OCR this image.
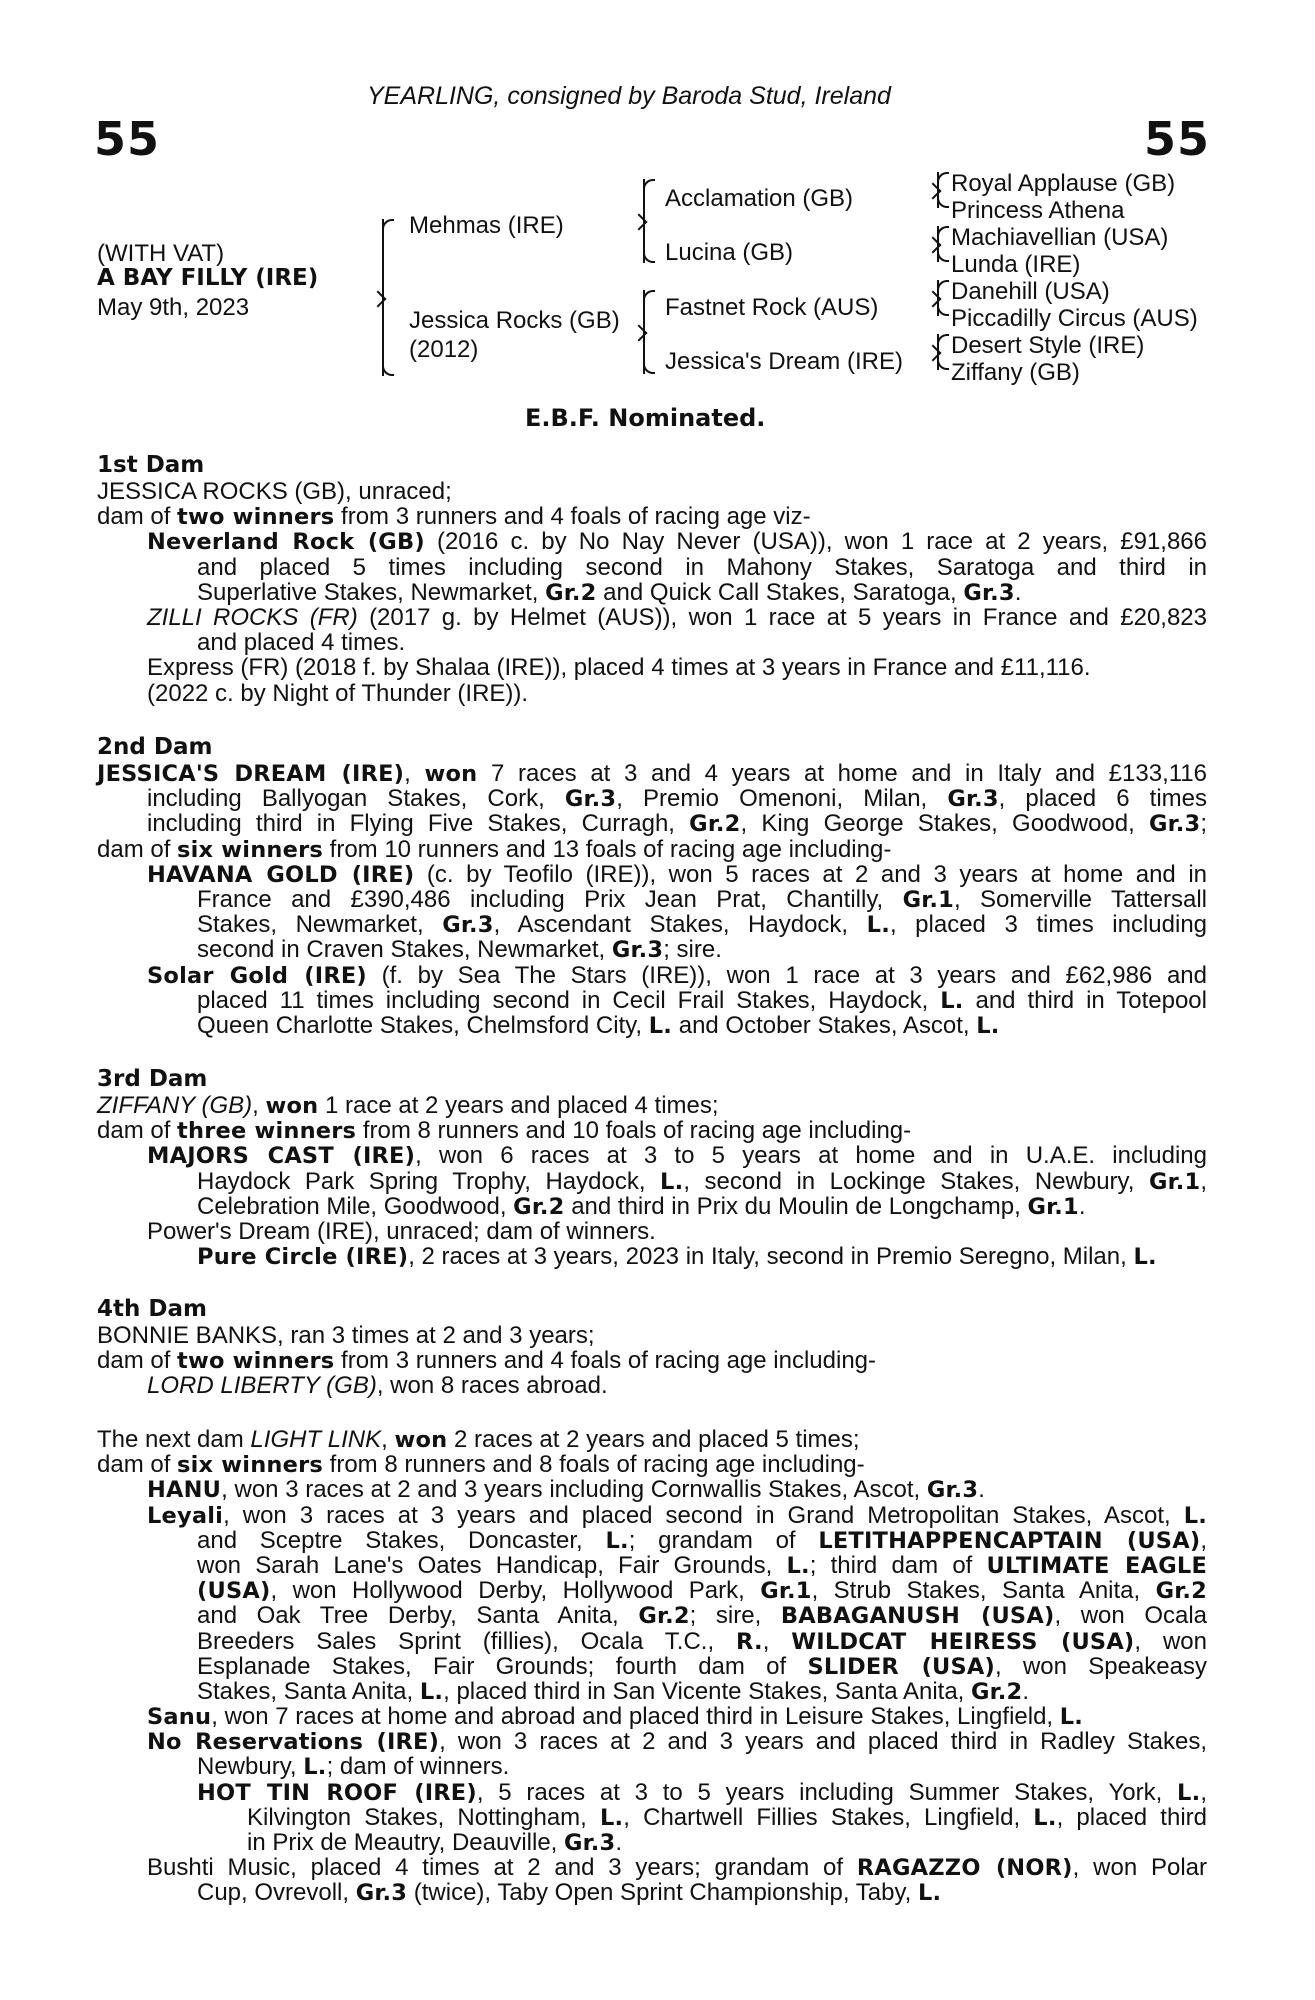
YEARLING, consigned by Baroda Stud, Ireland
55	55
(WITH VAT)
A BAY FILLY (IRE)
May 9th, 2023
Mehmas (IRE)
Jessica Rocks (GB)
(2012)
Acclamation (GB)
Lucina (GB)
Fastnet Rock (AUS)
Jessica's Dream (IRE)
Royal Applause (GB)
Princess Athena
Machiavellian (USA)
Lunda (IRE)
Danehill (USA)
Piccadilly Circus (AUS)
Desert Style (IRE)
Ziffany (GB)
E.B.F. Nominated.
1st Dam
2nd Dam
3rd Dam
4th Dam
JESSICA ROCKS (GB), unraced;
dam of two winners from 3 runners and 4 foals of racing age viz-
Neverland Rock (GB) (2016 c. by No Nay Never (USA)), won 1 race at 2 years, £91,866
and placed 5 times including second in Mahony Stakes, Saratoga and third in
Superlative Stakes, Newmarket, Gr.2 and Quick Call Stakes, Saratoga, Gr.3.
ZILLI ROCKS (FR) (2017 g. by Helmet (AUS)), won 1 race at 5 years in France and £20,823
and placed 4 times.
Express (FR) (2018 f. by Shalaa (IRE)), placed 4 times at 3 years in France and £11,116.
(2022 c. by Night of Thunder (IRE)).
JESSICA'S DREAM (IRE), won 7 races at 3 and 4 years at home and in Italy and £133,116
including Ballyogan Stakes, Cork, Gr.3, Premio Omenoni, Milan, Gr.3, placed 6 times
including third in Flying Five Stakes, Curragh, Gr.2, King George Stakes, Goodwood, Gr.3;
dam of six winners from 10 runners and 13 foals of racing age including-
HAVANA GOLD (IRE) (c. by Teofilo (IRE)), won 5 races at 2 and 3 years at home and in
France and £390,486 including Prix Jean Prat, Chantilly, Gr.1, Somerville Tattersall
Stakes, Newmarket, Gr.3, Ascendant Stakes, Haydock, L., placed 3 times including
second in Craven Stakes, Newmarket, Gr.3; sire.
Solar Gold (IRE) (f. by Sea The Stars (IRE)), won 1 race at 3 years and £62,986 and
placed 11 times including second in Cecil Frail Stakes, Haydock, L. and third in Totepool
Queen Charlotte Stakes, Chelmsford City, L. and October Stakes, Ascot, L.
ZIFFANY (GB), won 1 race at 2 years and placed 4 times;
dam of three winners from 8 runners and 10 foals of racing age including-
MAJORS CAST (IRE), won 6 races at 3 to 5 years at home and in U.A.E. including
Haydock Park Spring Trophy, Haydock, L., second in Lockinge Stakes, Newbury, Gr.1,
Celebration Mile, Goodwood, Gr.2 and third in Prix du Moulin de Longchamp, Gr.1.
Power's Dream (IRE), unraced; dam of winners.
Pure Circle (IRE), 2 races at 3 years, 2023 in Italy, second in Premio Seregno, Milan, L.
BONNIE BANKS, ran 3 times at 2 and 3 years;
dam of two winners from 3 runners and 4 foals of racing age including-
LORD LIBERTY (GB), won 8 races abroad.
The next dam LIGHT LINK, won 2 races at 2 years and placed 5 times;
dam of six winners from 8 runners and 8 foals of racing age including-
HANU, won 3 races at 2 and 3 years including Cornwallis Stakes, Ascot, Gr.3.
Leyali, won 3 races at 3 years and placed second in Grand Metropolitan Stakes, Ascot, L.
and Sceptre Stakes, Doncaster, L.; grandam of LETITHAPPENCAPTAIN (USA),
won Sarah Lane's Oates Handicap, Fair Grounds, L.; third dam of ULTIMATE EAGLE
(USA), won Hollywood Derby, Hollywood Park, Gr.1, Strub Stakes, Santa Anita, Gr.2
and Oak Tree Derby, Santa Anita, Gr.2; sire, BABAGANUSH (USA), won Ocala
Breeders Sales Sprint (fillies), Ocala T.C., R., WILDCAT HEIRESS (USA), won
Esplanade Stakes, Fair Grounds; fourth dam of SLIDER (USA), won Speakeasy
Stakes, Santa Anita, L., placed third in San Vicente Stakes, Santa Anita, Gr.2.
Sanu, won 7 races at home and abroad and placed third in Leisure Stakes, Lingfield, L.
No Reservations (IRE), won 3 races at 2 and 3 years and placed third in Radley Stakes,
Newbury, L.; dam of winners.
HOT TIN ROOF (IRE), 5 races at 3 to 5 years including Summer Stakes, York, L.,
Kilvington Stakes, Nottingham, L., Chartwell Fillies Stakes, Lingfield, L., placed third
in Prix de Meautry, Deauville, Gr.3.
Bushti Music, placed 4 times at 2 and 3 years; grandam of RAGAZZO (NOR), won Polar
Cup, Ovrevoll, Gr.3 (twice), Taby Open Sprint Championship, Taby, L.
